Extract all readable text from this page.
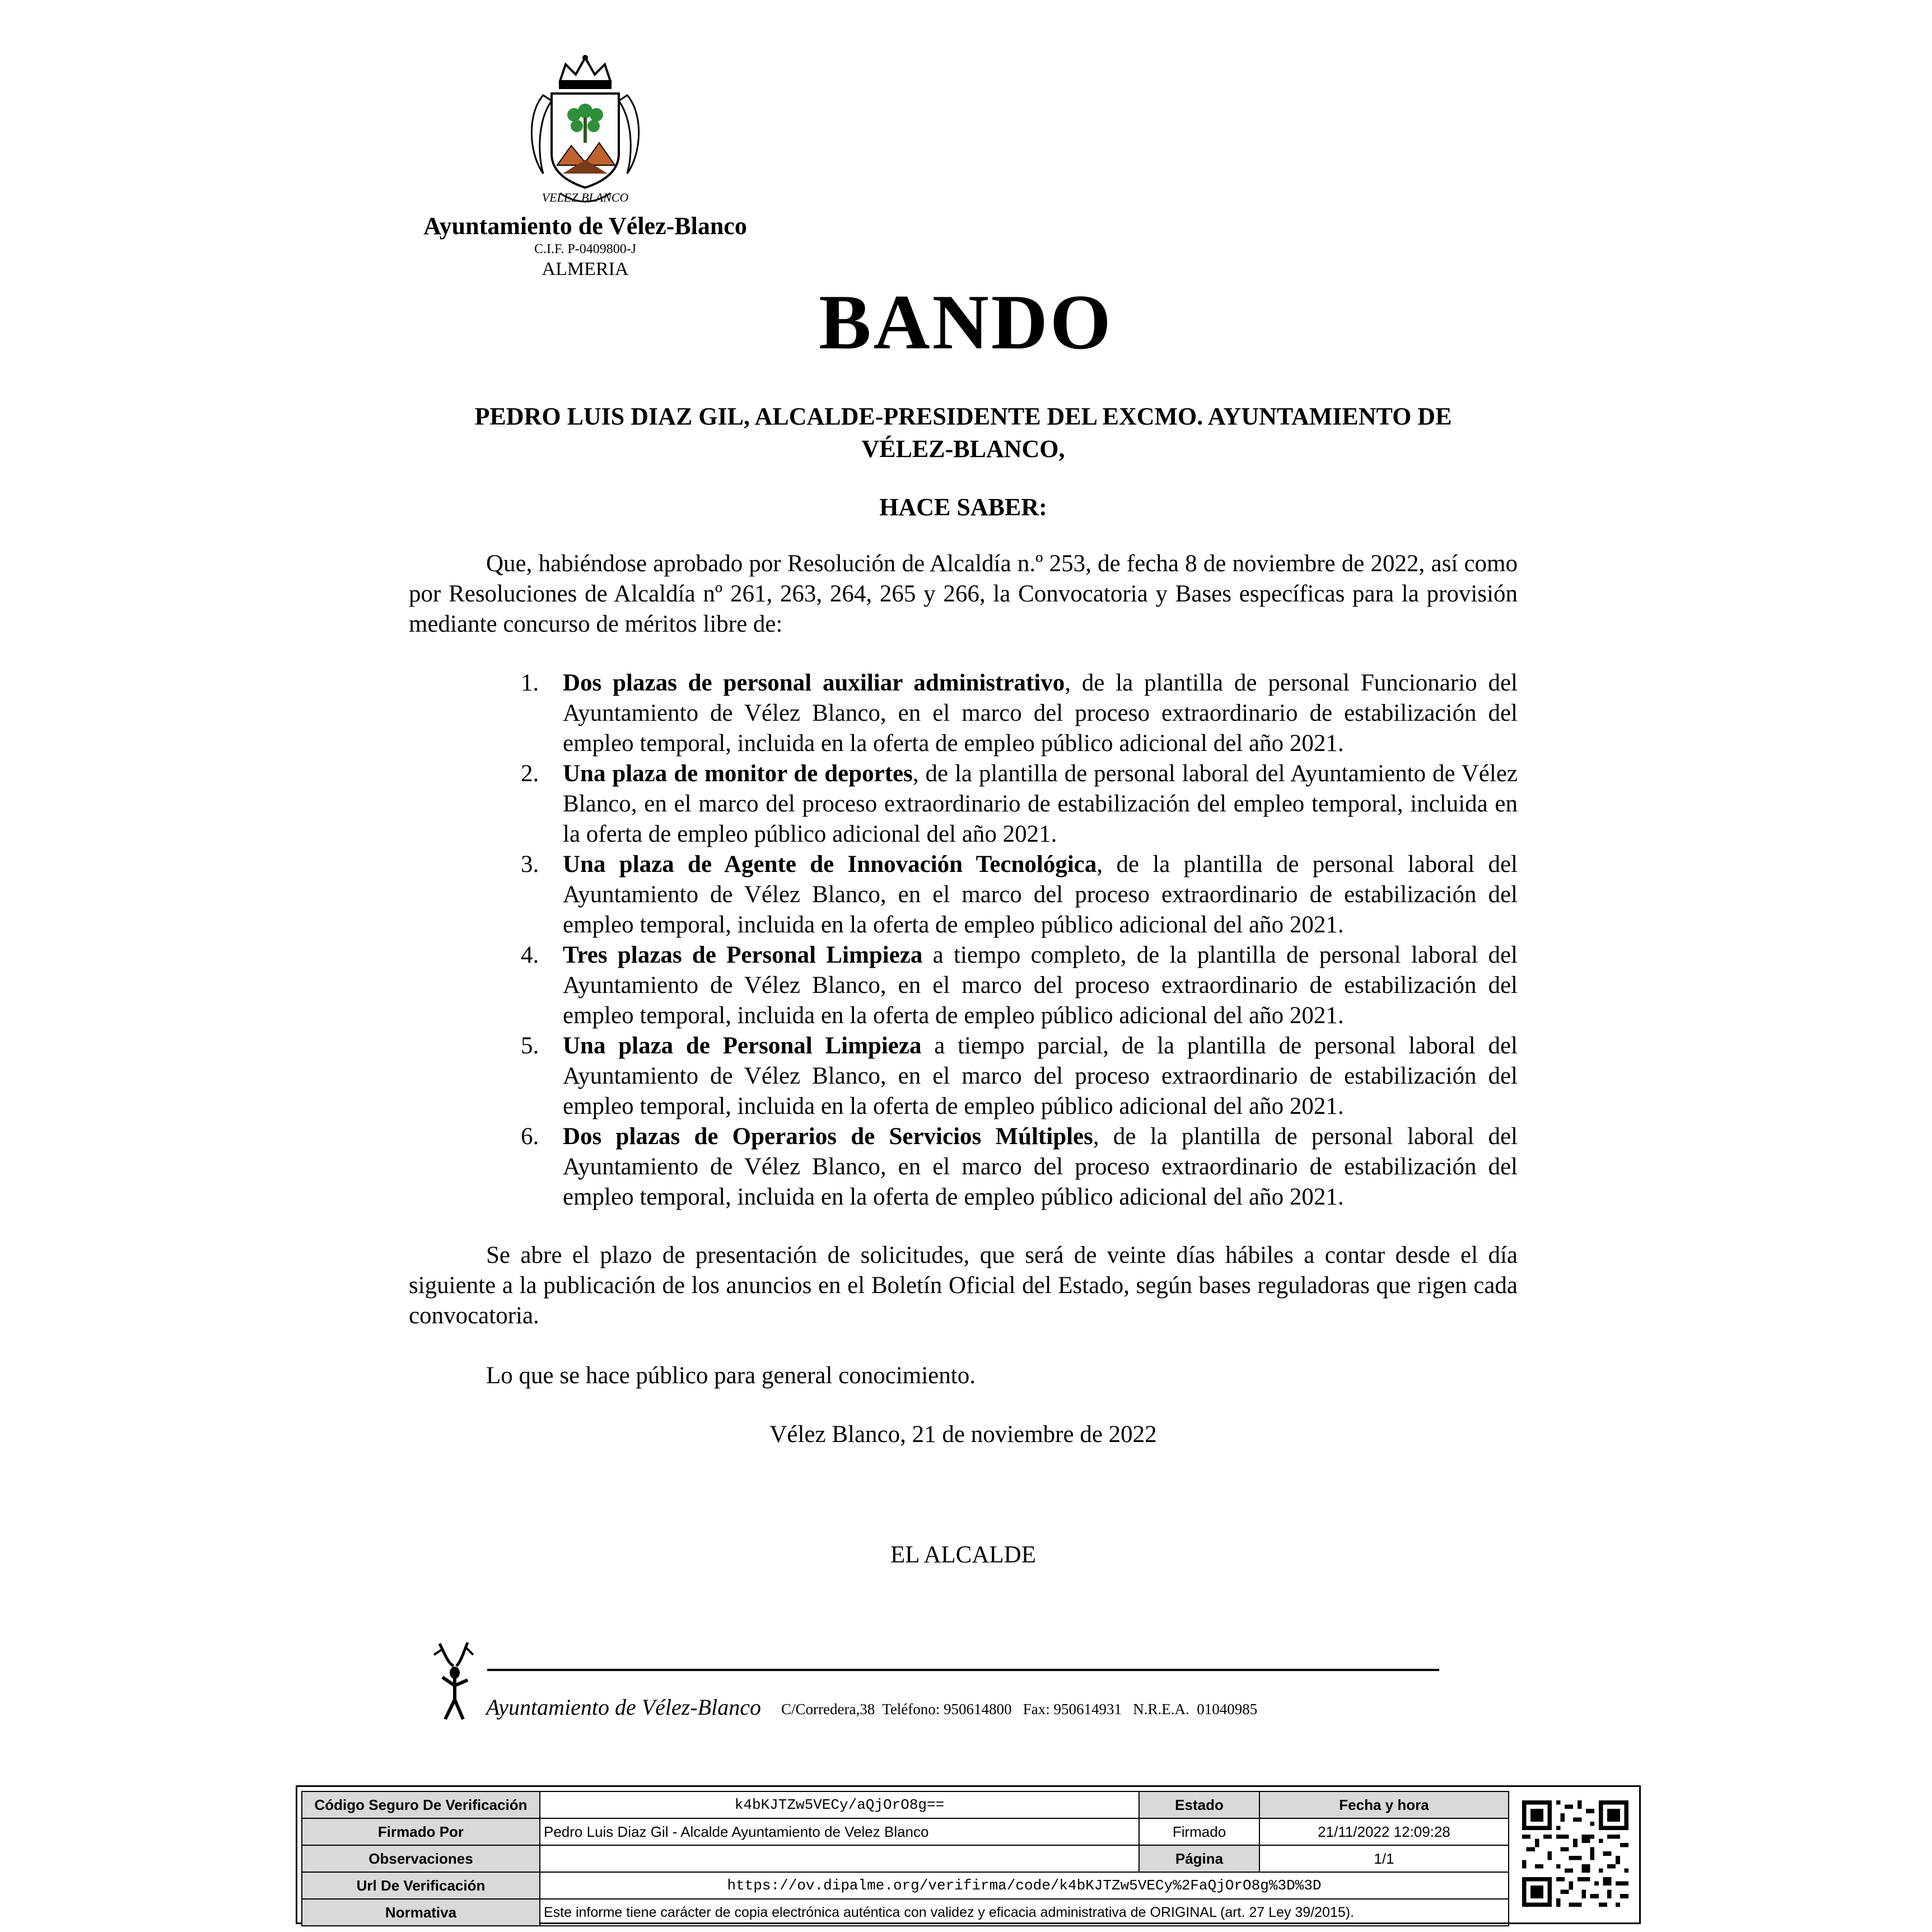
VELEZ BLANCO
Ayuntamiento de Vélez-Blanco
C.I.F. P-0409800-J
ALMERIA
BANDO
PEDRO LUIS DIAZ GIL, ALCALDE-PRESIDENTE DEL EXCMO. AYUNTAMIENTO DE VÉLEZ-BLANCO,
HACE SABER:
Que, habiéndose aprobado por Resolución de Alcaldía n.º 253, de fecha 8 de noviembre de 2022, así como por Resoluciones de Alcaldía nº 261, 263, 264, 265 y 266, la Convocatoria y Bases específicas para la provisión mediante concurso de méritos libre de:
1. Dos plazas de personal auxiliar administrativo, de la plantilla de personal Funcionario del Ayuntamiento de Vélez Blanco, en el marco del proceso extraordinario de estabilización del empleo temporal, incluida en la oferta de empleo público adicional del año 2021.
2. Una plaza de monitor de deportes, de la plantilla de personal laboral del Ayuntamiento de Vélez Blanco, en el marco del proceso extraordinario de estabilización del empleo temporal, incluida en la oferta de empleo público adicional del año 2021.
3. Una plaza de Agente de Innovación Tecnológica, de la plantilla de personal laboral del Ayuntamiento de Vélez Blanco, en el marco del proceso extraordinario de estabilización del empleo temporal, incluida en la oferta de empleo público adicional del año 2021.
4. Tres plazas de Personal Limpieza a tiempo completo, de la plantilla de personal laboral del Ayuntamiento de Vélez Blanco, en el marco del proceso extraordinario de estabilización del empleo temporal, incluida en la oferta de empleo público adicional del año 2021.
5. Una plaza de Personal Limpieza a tiempo parcial, de la plantilla de personal laboral del Ayuntamiento de Vélez Blanco, en el marco del proceso extraordinario de estabilización del empleo temporal, incluida en la oferta de empleo público adicional del año 2021.
6. Dos plazas de Operarios de Servicios Múltiples, de la plantilla de personal laboral del Ayuntamiento de Vélez Blanco, en el marco del proceso extraordinario de estabilización del empleo temporal, incluida en la oferta de empleo público adicional del año 2021.
Se abre el plazo de presentación de solicitudes, que será de veinte días hábiles a contar desde el día siguiente a la publicación de los anuncios en el Boletín Oficial del Estado, según bases reguladoras que rigen cada convocatoria.
Lo que se hace público para general conocimiento.
Vélez Blanco, 21 de noviembre de 2022
EL ALCALDE
Ayuntamiento de Vélez-Blanco C/Corredera,38  Teléfono: 950614800   Fax: 950614931   N.R.E.A.  01040985
Código Seguro De Verificación	k4bKJTZw5VECy/aQjOrO8g==	Estado	Fecha y hora
Firmado Por	Pedro Luis Diaz Gil - Alcalde Ayuntamiento de Velez Blanco	Firmado	21/11/2022 12:09:28
Observaciones		Página	1/1
Url De Verificación	https://ov.dipalme.org/verifirma/code/k4bKJTZw5VECy%2FaQjOrO8g%3D%3D		
Normativa	Este informe tiene carácter de copia electrónica auténtica con validez y eficacia administrativa de ORIGINAL (art. 27 Ley 39/2015).		
